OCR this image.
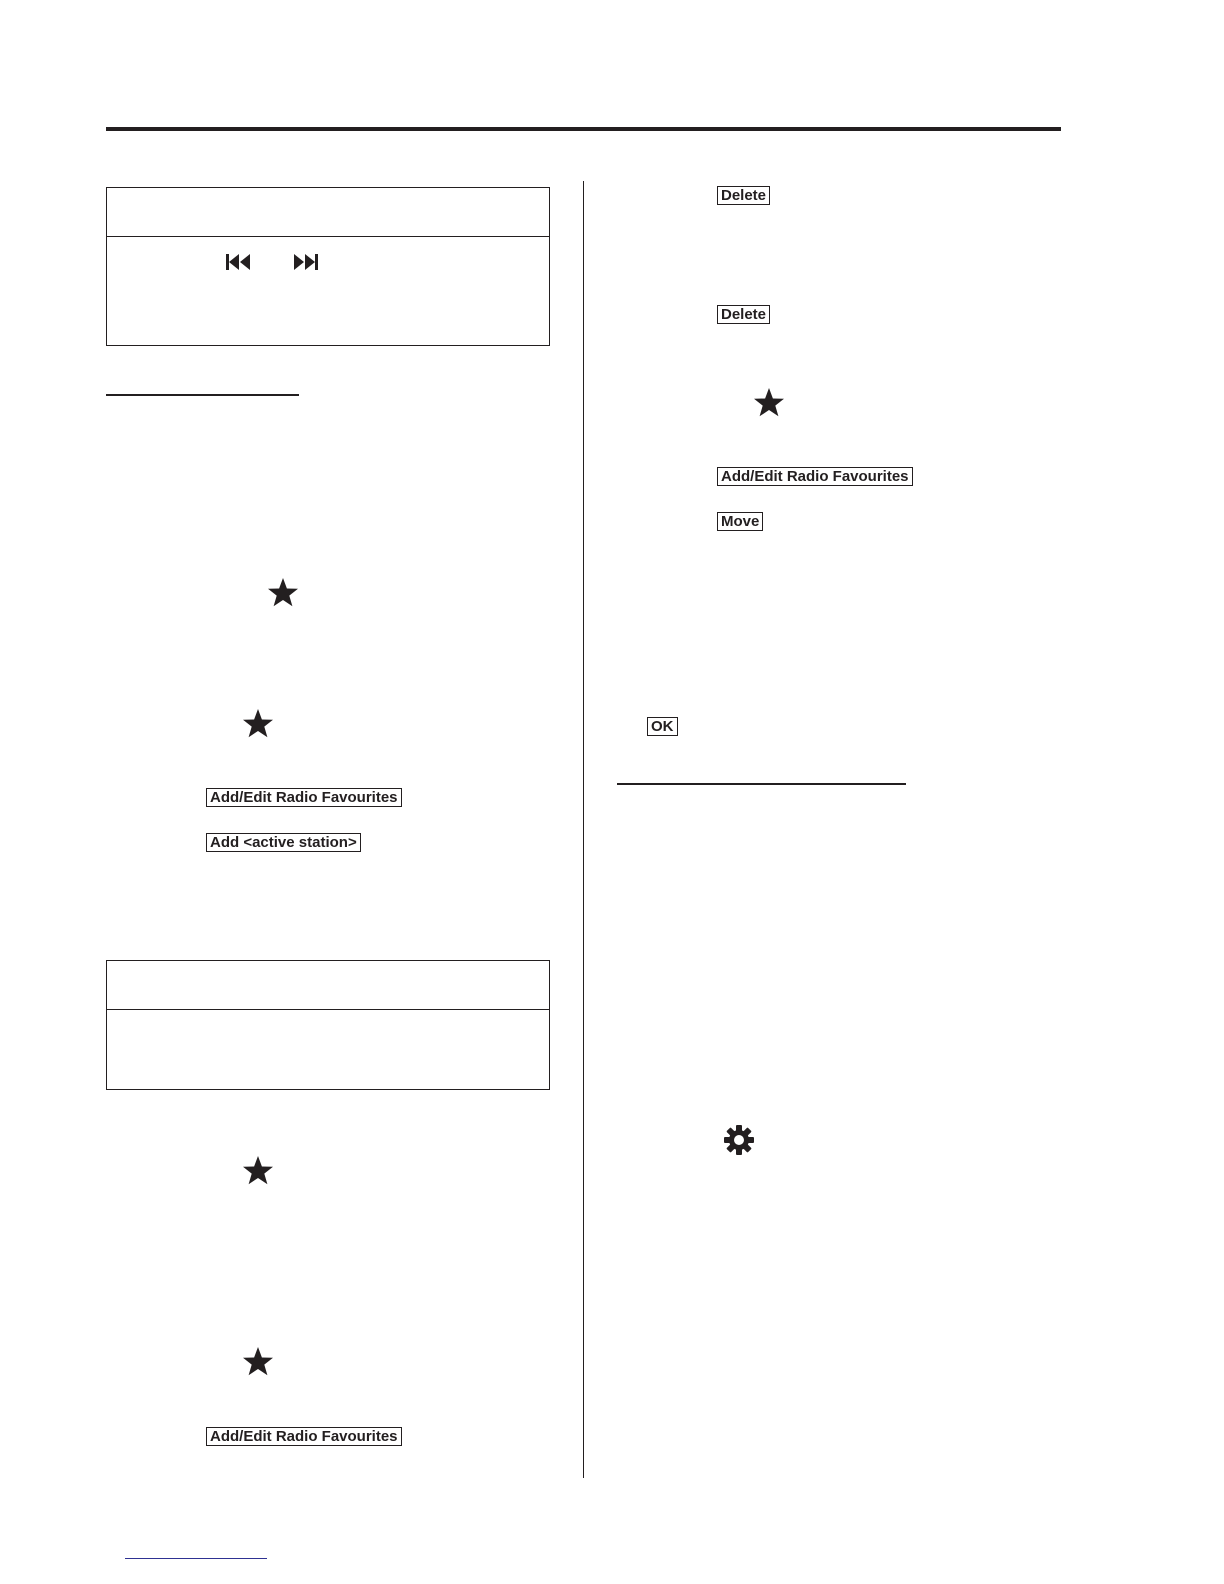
Add/Edit Radio Favourites
Add <active station>
Add/Edit Radio Favourites
Delete
Delete
Add/Edit Radio Favourites
Move
OK
